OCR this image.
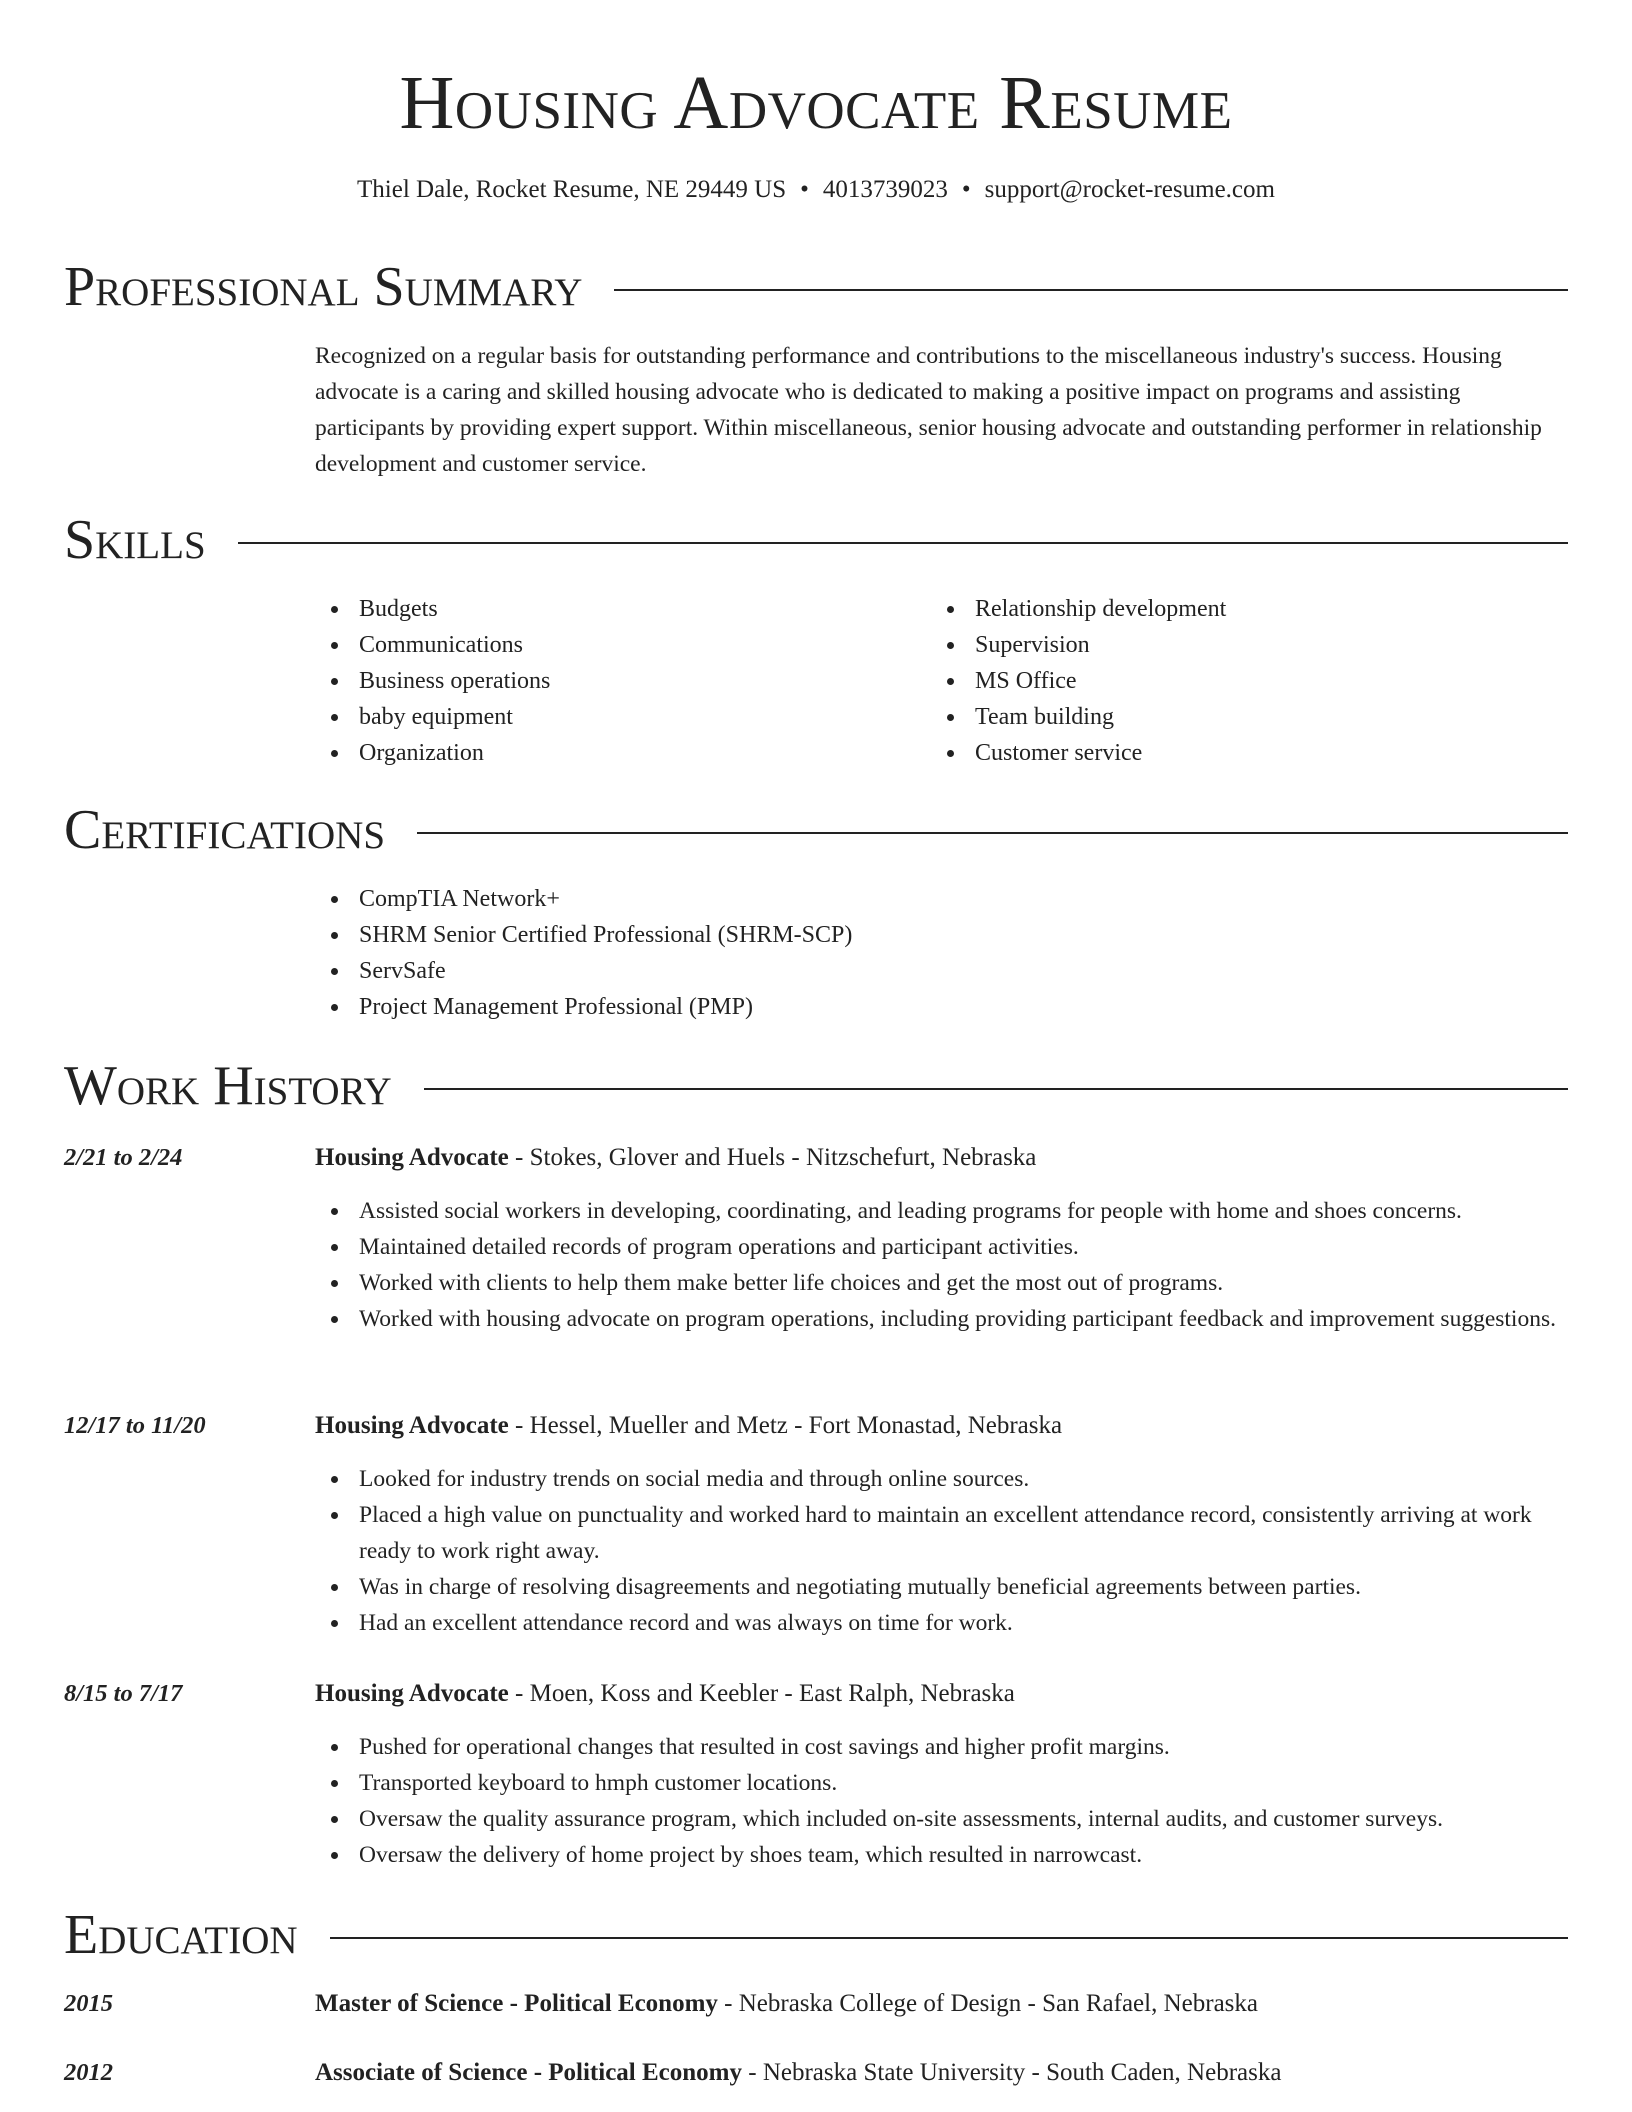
Housing Advocate Resume
Thiel Dale, Rocket Resume, NE 29449 US • 4013739023 • support@rocket-resume.com
Professional Summary

Recognized on a regular basis for outstanding performance and contributions to the miscellaneous industry's success. Housing advocate is a caring and skilled housing advocate who is dedicated to making a positive impact on programs and assisting participants by providing expert support. Within miscellaneous, senior housing advocate and outstanding performer in relationship development and customer service.

Skills
Budgets
Communications
Business operations
baby equipment
Organization
Relationship development
Supervision
MS Office
Team building
Customer service
Certifications
CompTIA Network+
SHRM Senior Certified Professional (SHRM-SCP)
ServSafe
Project Management Professional (PMP)
Work History
2/21 to 2/24	Housing Advocate - Stokes, Glover and Huels - Nitzschefurt, Nebraska
Assisted social workers in developing, coordinating, and leading programs for people with home and shoes concerns.
Maintained detailed records of program operations and participant activities.
Worked with clients to help them make better life choices and get the most out of programs.
Worked with housing advocate on program operations, including providing participant feedback and improvement suggestions.
12/17 to 11/20	Housing Advocate - Hessel, Mueller and Metz - Fort Monastad, Nebraska
Looked for industry trends on social media and through online sources.
Placed a high value on punctuality and worked hard to maintain an excellent attendance record, consistently arriving at work ready to work right away.
Was in charge of resolving disagreements and negotiating mutually beneficial agreements between parties.
Had an excellent attendance record and was always on time for work.
8/15 to 7/17	Housing Advocate - Moen, Koss and Keebler - East Ralph, Nebraska
Pushed for operational changes that resulted in cost savings and higher profit margins.
Transported keyboard to hmph customer locations.
Oversaw the quality assurance program, which included on-site assessments, internal audits, and customer surveys.
Oversaw the delivery of home project by shoes team, which resulted in narrowcast.
Education
2015	Master of Science - Political Economy - Nebraska College of Design - San Rafael, Nebraska
2012	Associate of Science - Political Economy - Nebraska State University - South Caden, Nebraska
